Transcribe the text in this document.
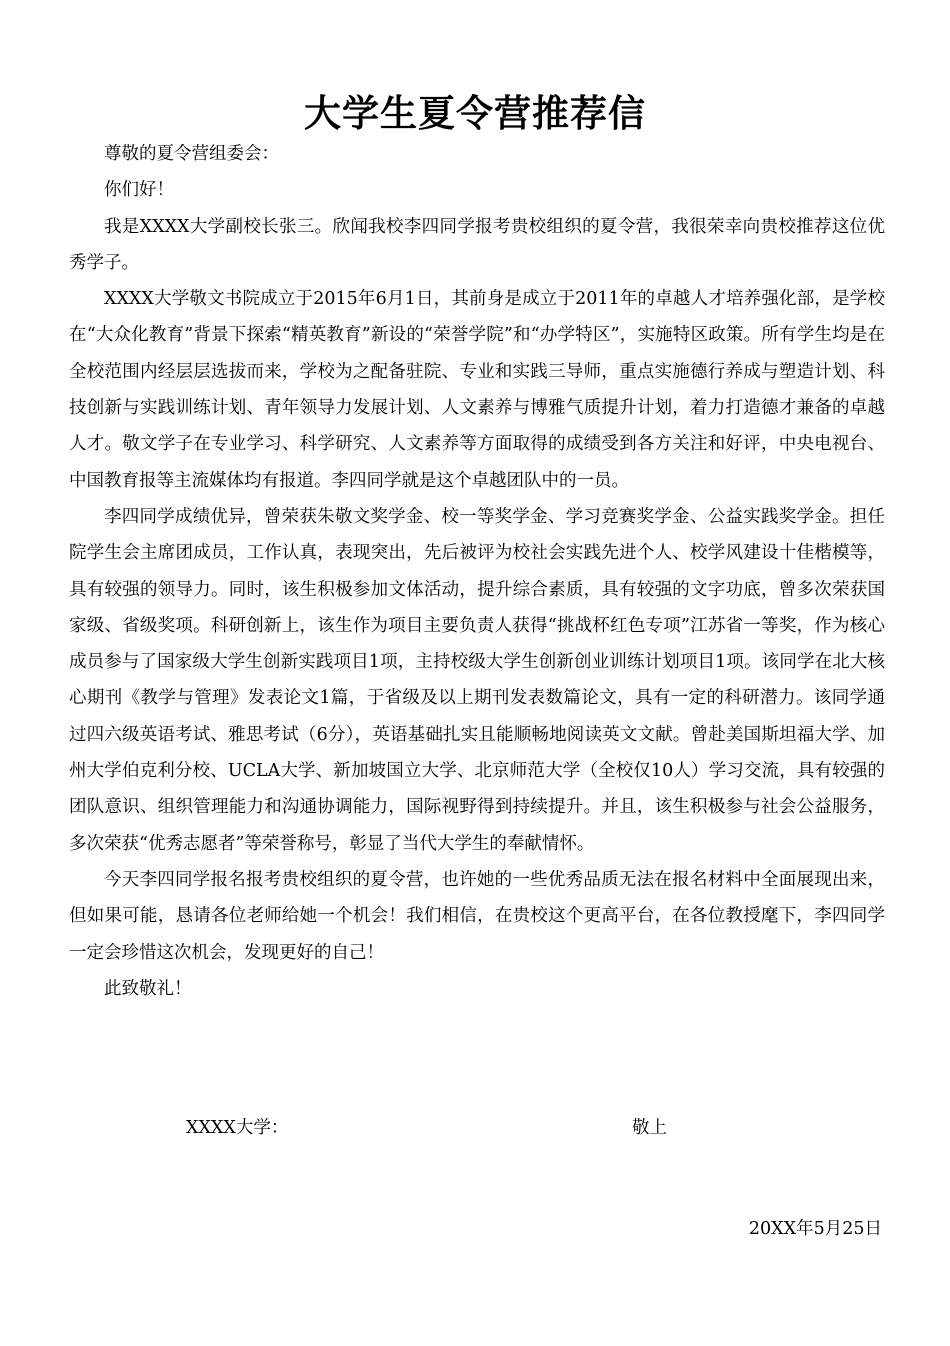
大学生夏令营推荐信

尊敬的夏令营组委会：

你们好！

我是XXXX大学副校长张三。欣闻我校李四同学报考贵校组织的夏令营，我很荣幸向贵校推荐这位优秀学子。

XXXX大学敬文书院成立于2015年6月1日，其前身是成立于2011年的卓越人才培养强化部，是学校在“大众化教育”背景下探索“精英教育”新设的“荣誉学院”和“办学特区”，实施特区政策。所有学生均是在全校范围内经层层选拔而来，学校为之配备驻院、专业和实践三导师，重点实施德行养成与塑造计划、科技创新与实践训练计划、青年领导力发展计划、人文素养与博雅气质提升计划，着力打造德才兼备的卓越人才。敬文学子在专业学习、科学研究、人文素养等方面取得的成绩受到各方关注和好评，中央电视台、中国教育报等主流媒体均有报道。李四同学就是这个卓越团队中的一员。

李四同学成绩优异，曾荣获朱敬文奖学金、校一等奖学金、学习竞赛奖学金、公益实践奖学金。担任院学生会主席团成员，工作认真，表现突出，先后被评为校社会实践先进个人、校学风建设十佳楷模等，具有较强的领导力。同时，该生积极参加文体活动，提升综合素质，具有较强的文字功底，曾多次荣获国家级、省级奖项。科研创新上，该生作为项目主要负责人获得“挑战杯红色专项”江苏省一等奖，作为核心成员参与了国家级大学生创新实践项目1项，主持校级大学生创新创业训练计划项目1项。该同学在北大核心期刊《教学与管理》发表论文1篇，于省级及以上期刊发表数篇论文，具有一定的科研潜力。该同学通过四六级英语考试、雅思考试（6分），英语基础扎实且能顺畅地阅读英文文献。曾赴美国斯坦福大学、加州大学伯克利分校、UCLA大学、新加坡国立大学、北京师范大学（全校仅10人）学习交流，具有较强的团队意识、组织管理能力和沟通协调能力，国际视野得到持续提升。并且，该生积极参与社会公益服务，多次荣获“优秀志愿者”等荣誉称号，彰显了当代大学生的奉献情怀。

今天李四同学报名报考贵校组织的夏令营，也许她的一些优秀品质无法在报名材料中全面展现出来，但如果可能，恳请各位老师给她一个机会！我们相信，在贵校这个更高平台，在各位教授麾下，李四同学一定会珍惜这次机会，发现更好的自己！

此致敬礼！

XXXX大学：	敬上
20XX年5月25日
